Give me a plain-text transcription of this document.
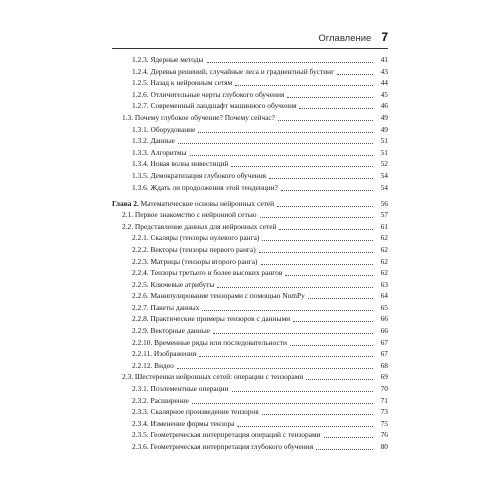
Оглавление 7
1.2.3. Ядерные методы	41
1.2.4. Деревья решений, случайные леса и градиентный бустинг	43
1.2.5. Назад к нейронным сетям	44
1.2.6. Отличительные черты глубокого обучения	45
1.2.7. Современный ландшафт машинного обучения	46
1.3. Почему глубокое обучение? Почему сейчас?	49
1.3.1. Оборудование	49
1.3.2. Данные	51
1.3.3. Алгоритмы	51
1.3.4. Новая волна инвестиций	52
1.3.5. Демократизация глубокого обучения	54
1.3.6. Ждать ли продолжения этой тенденции?	54
Глава 2. Математические основы нейронных сетей	56
2.1. Первое знакомство с нейронной сетью	57
2.2. Представление данных для нейронных сетей	61
2.2.1. Скаляры (тензоры нулевого ранга)	62
2.2.2. Векторы (тензоры первого ранга)	62
2.2.3. Матрицы (тензоры второго ранга)	62
2.2.4. Тензоры третьего и более высоких рангов	62
2.2.5. Ключевые атрибуты	63
2.2.6. Манипулирование тензорами с помощью NumPy	64
2.2.7. Пакеты данных	65
2.2.8. Практические примеры тензоров с данными	66
2.2.9. Векторные данные	66
2.2.10. Временные ряды или последовательности	67
2.2.11. Изображения	67
2.2.12. Видео	68
2.3. Шестеренки нейронных сетей: операции с тензорами	69
2.3.1. Поэлементные операции	70
2.3.2. Расширение	71
2.3.3. Скалярное произведение тензоров	73
2.3.4. Изменение формы тензора	75
2.3.5. Геометрическая интерпретация операций с тензорами	76
2.3.6. Геометрическая интерпретация глубокого обучения	80
